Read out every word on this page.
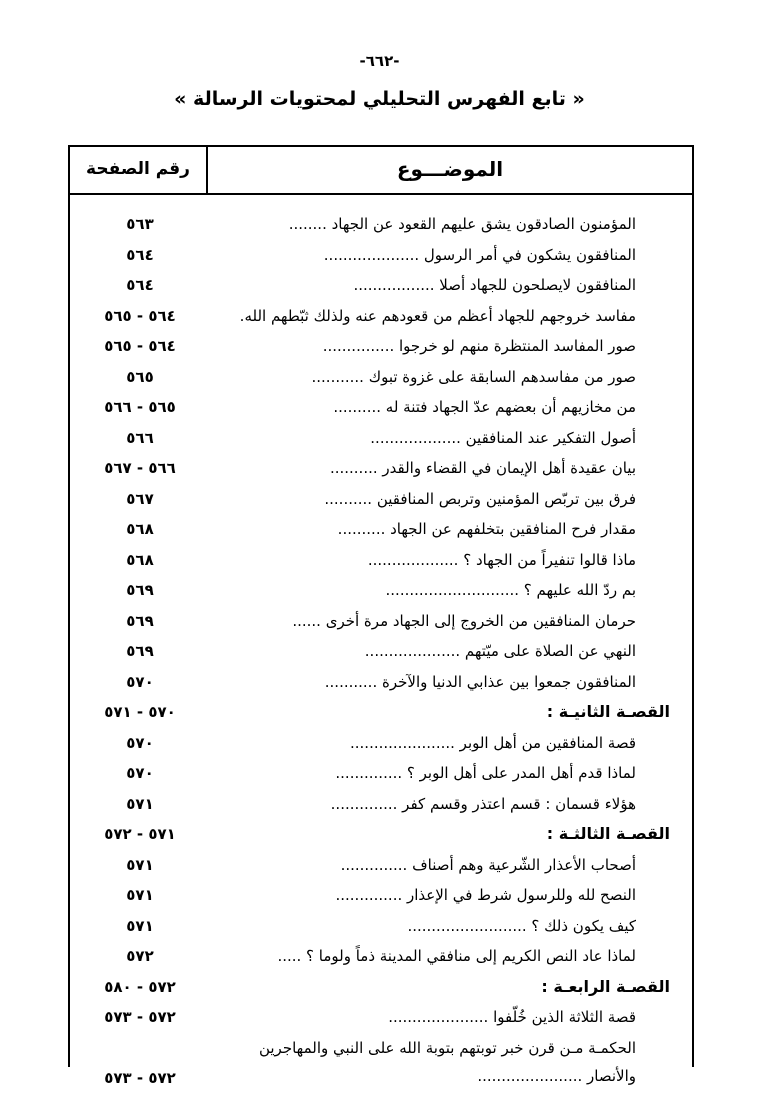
-٦٦٢-
« تابع الفهرس التحليلي لمحتويات الرسالة »
الموضـــوع
رقم الصفحة
المؤمنون الصادقون يشق عليهم القعود عن الجهاد ........
٥٦٣
المنافقون يشكون في أمر الرسول ....................
٥٦٤
المنافقون لايصلحون للجهاد أصلا .................
٥٦٤
مفاسد خروجهم للجهاد أعظم من قعودهم عنه ولذلك ثبّطهم الله.
٥٦٤ - ٥٦٥
صور المفاسد المنتظرة منهم لو خرجوا ...............
٥٦٤ - ٥٦٥
صور من مفاسدهم السابقة على غزوة تبوك ...........
٥٦٥
من مخازيهم أن بعضهم عدّ الجهاد فتنة له ..........
٥٦٥ - ٥٦٦
أصول التفكير عند المنافقين ...................
٥٦٦
بيان عقيدة أهل الإيمان في القضاء والقدر ..........
٥٦٦ - ٥٦٧
فرق بين تربّص المؤمنين وتربص المنافقين ..........
٥٦٧
مقدار فرح المنافقين بتخلفهم عن الجهاد ..........
٥٦٨
ماذا قالوا تنفيراً من الجهاد ؟ ...................
٥٦٨
بم ردّ الله عليهم ؟ ............................
٥٦٩
حرمان المنافقين من الخروج إلى الجهاد مرة أخرى ......
٥٦٩
النهي عن الصلاة على ميّتهم ....................
٥٦٩
المنافقون جمعوا بين عذابي الدنيا والآخرة ...........
٥٧٠
القصـة الثانيـة :
٥٧٠ - ٥٧١
قصة المنافقين من أهل الوبر ......................
٥٧٠
لماذا قدم أهل المدر على أهل الوبر ؟ ..............
٥٧٠
هؤلاء قسمان : قسم اعتذر وقسم كفر ..............
٥٧١
القصـة الثالثـة :
٥٧١ - ٥٧٢
أصحاب الأعذار الشّرعية وهم أصناف ..............
٥٧١
النصح لله وللرسول شرط في الإعذار ..............
٥٧١
كيف يكون ذلك ؟ .........................
٥٧١
لماذا عاد النص الكريم إلى منافقي المدينة ذماً ولوما ؟ .....
٥٧٢
القصـة الرابعـة :
٥٧٢ - ٥٨٠
قصة الثلاثة الذين خُلّفوا .....................
٥٧٢ - ٥٧٣
الحكمـة مـن قرن خبر توبتهم بتوبة الله على النبي والمهاجرين والأنصار ......................
٥٧٢ - ٥٧٣
